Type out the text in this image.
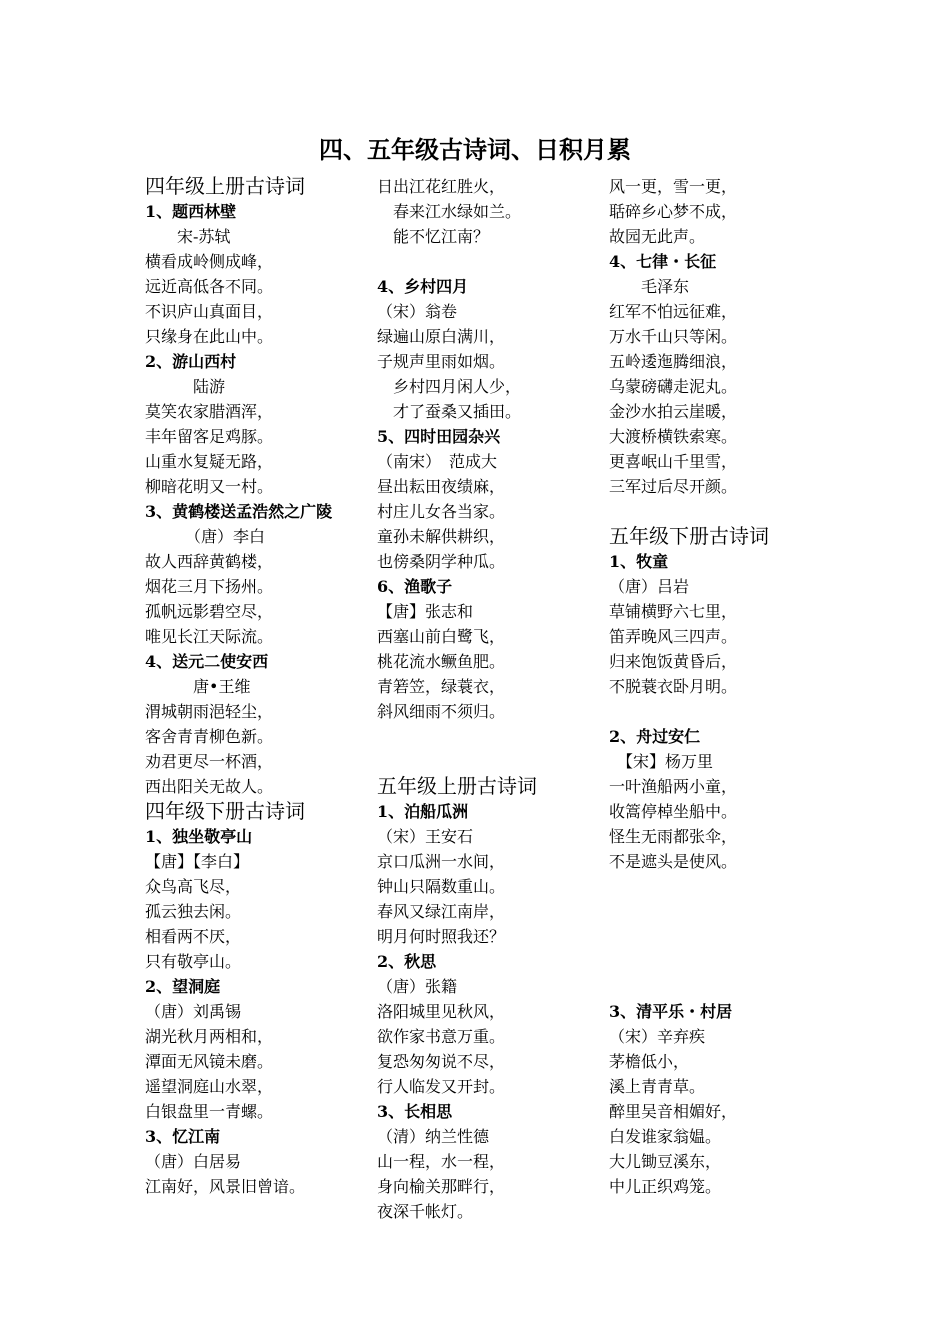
四、五年级古诗词、日积月累
四年级上册古诗词
1、题西林壁
　　宋-苏轼
横看成岭侧成峰，
远近高低各不同。
不识庐山真面目，
只缘身在此山中。
2、游山西村
　　　陆游
莫笑农家腊酒浑，
丰年留客足鸡豚。
山重水复疑无路，
柳暗花明又一村。
3、黄鹤楼送孟浩然之广陵
　　　（唐）李白
故人西辞黄鹤楼，
烟花三月下扬州。
孤帆远影碧空尽，
唯见长江天际流。
4、送元二使安西
　　　唐•王维
渭城朝雨浥轻尘，
客舍青青柳色新。
劝君更尽一杯酒，
西出阳关无故人。
四年级下册古诗词
1、独坐敬亭山
【唐】【李白】
众鸟高飞尽，
孤云独去闲。
相看两不厌，
只有敬亭山。
2、望洞庭
（唐）刘禹锡
湖光秋月两相和，
潭面无风镜未磨。
遥望洞庭山水翠，
白银盘里一青螺。
3、忆江南
（唐）白居易
江南好，风景旧曾谙。
日出江花红胜火，
　春来江水绿如兰。
　能不忆江南？
4、乡村四月
（宋）翁卷
绿遍山原白满川，
子规声里雨如烟。
　乡村四月闲人少，
　才了蚕桑又插田。
5、四时田园杂兴
（南宋）　范成大
昼出耘田夜绩麻，
村庄儿女各当家。
童孙未解供耕织，
也傍桑阴学种瓜。
6、渔歌子
【唐】张志和
西塞山前白鹭飞，
桃花流水鳜鱼肥。
青箬笠，绿蓑衣，
斜风细雨不须归。
五年级上册古诗词
1、泊船瓜洲
（宋）王安石
京口瓜洲一水间，
钟山只隔数重山。
春风又绿江南岸，
明月何时照我还？
2、秋思
（唐）张籍
洛阳城里见秋风，
欲作家书意万重。
复恐匆匆说不尽，
行人临发又开封。
3、长相思
（清）纳兰性德
山一程，水一程，
身向榆关那畔行，
夜深千帐灯。
风一更，雪一更，
聒碎乡心梦不成，
故园无此声。
4、七律・长征
　　毛泽东
红军不怕远征难，
万水千山只等闲。
五岭逶迤腾细浪，
乌蒙磅礴走泥丸。
金沙水拍云崖暖，
大渡桥横铁索寒。
更喜岷山千里雪，
三军过后尽开颜。
五年级下册古诗词
1、牧童
（唐）吕岩
草铺横野六七里，
笛弄晚风三四声。
归来饱饭黄昏后，
不脱蓑衣卧月明。
2、舟过安仁
　【宋】杨万里
一叶渔船两小童，
收篙停棹坐船中。
怪生无雨都张伞，
不是遮头是使风。
3、清平乐・村居
（宋）辛弃疾
茅檐低小，
溪上青青草。
醉里吴音相媚好，
白发谁家翁媪。
大儿锄豆溪东，
中儿正织鸡笼。
